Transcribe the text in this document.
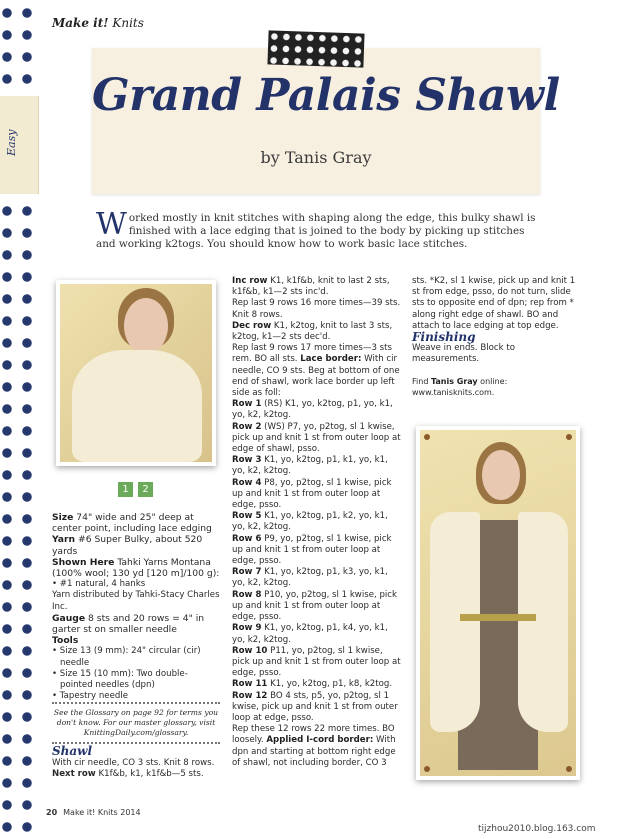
Easy
Make it! Knits
Grand Palais Shawl
by Tanis Gray
Worked mostly in knit stitches with shaping along the edge, this bulky shawl is finished with a lace edging that is joined to the body by picking up stitches and working k2togs. You should know how to work basic lace stitches.
1	2

Size 74" wide and 25" deep at center point, including lace edging

Yarn #6 Super Bulky, about 520 yards

Shown Here Tahki Yarns Montana (100% wool; 130 yd [120 m]/100 g):

• #1 natural, 4 hanks

Yarn distributed by Tahki-Stacy Charles Inc.

Gauge 8 sts and 20 rows = 4" in garter st on smaller needle

Tools

• Size 13 (9 mm): 24" circular (cir) needle
• Size 15 (10 mm): Two double-pointed needles (dpn)
• Tapestry needle
See the Glossary on page 92 for terms you don't know. For our master glossary, visit KnittingDaily.com/glossary.

Shawl

With cir needle, CO 3 sts. Knit 8 rows.

Next row K1f&b, k1, k1f&b—5 sts.

Inc row K1, k1f&b, knit to last 2 sts, k1f&b, k1—2 sts inc'd.

Rep last 9 rows 16 more times—39 sts. Knit 8 rows.

Dec row K1, k2tog, knit to last 3 sts, k2tog, k1—2 sts dec'd.

Rep last 9 rows 17 more times—3 sts rem. BO all sts. Lace border: With cir needle, CO 9 sts. Beg at bottom of one end of shawl, work lace border up left side as foll:

Row 1 (RS) K1, yo, k2tog, p1, yo, k1, yo, k2, k2tog.

Row 2 (WS) P7, yo, p2tog, sl 1 kwise, pick up and knit 1 st from outer loop at edge of shawl, psso.

Row 3 K1, yo, k2tog, p1, k1, yo, k1, yo, k2, k2tog.

Row 4 P8, yo, p2tog, sl 1 kwise, pick up and knit 1 st from outer loop at edge, psso.

Row 5 K1, yo, k2tog, p1, k2, yo, k1, yo, k2, k2tog.

Row 6 P9, yo, p2tog, sl 1 kwise, pick up and knit 1 st from outer loop at edge, psso.

Row 7 K1, yo, k2tog, p1, k3, yo, k1, yo, k2, k2tog.

Row 8 P10, yo, p2tog, sl 1 kwise, pick up and knit 1 st from outer loop at edge, psso.

Row 9 K1, yo, k2tog, p1, k4, yo, k1, yo, k2, k2tog.

Row 10 P11, yo, p2tog, sl 1 kwise, pick up and knit 1 st from outer loop at edge, psso.

Row 11 K1, yo, k2tog, p1, k8, k2tog.

Row 12 BO 4 sts, p5, yo, p2tog, sl 1 kwise, pick up and knit 1 st from outer loop at edge, psso.

Rep these 12 rows 22 more times. BO loosely. Applied I-cord border: With dpn and starting at bottom right edge of shawl, not including border, CO 3

sts. *K2, sl 1 kwise, pick up and knit 1 st from edge, psso, do not turn, slide sts to opposite end of dpn; rep from * along right edge of shawl. BO and attach to lace edging at top edge.

Finishing

Weave in ends. Block to measurements.

Find Tanis Gray online: www.tanisknits.com.

20 Make it! Knits 2014
tijzhou2010.blog.163.com
